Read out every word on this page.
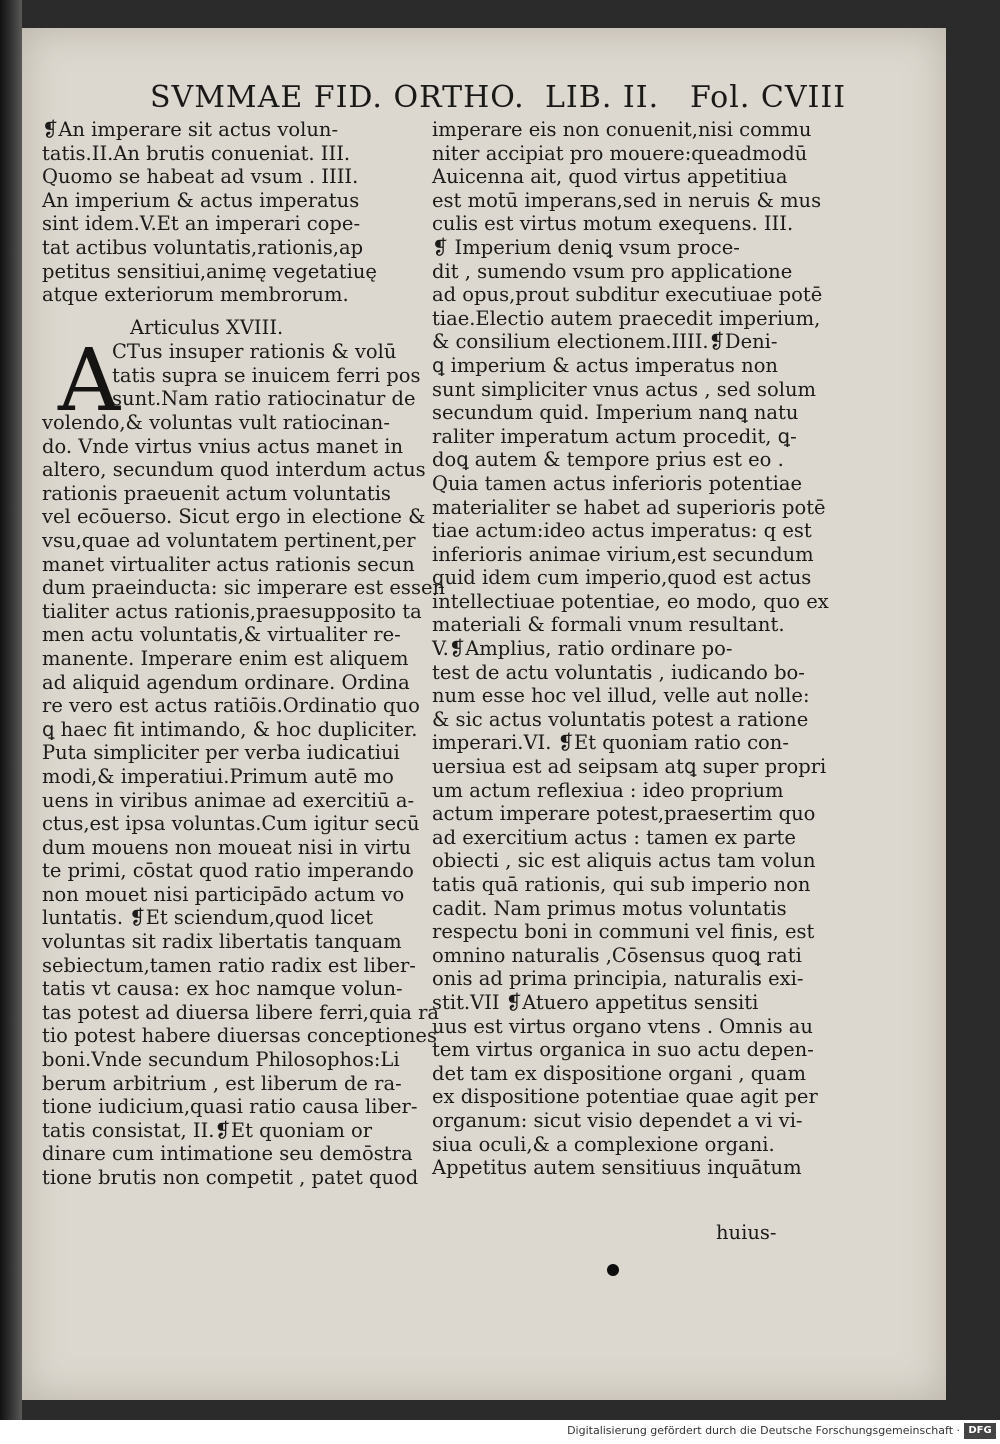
SVMMAE FID. ORTHO. LIB. II. Fol. CVIII
❡An imperare sit actus volun-
tatis.II.An brutis conueniat. III.
Quomo se habeat ad vsum . IIII.
An imperium & actus imperatus
sint idem.V.Et an imperari cope-
tat actibus voluntatis,rationis,ap
petitus sensitiui,animę vegetatiuę
atque exteriorum membrorum.
Articulus XVIII.
A
CTus insuper rationis & volū
tatis supra se inuicem ferri pos
sunt.Nam ratio ratiocinatur de
volendo,& voluntas vult ratiocinan-
do. Vnde virtus vnius actus manet in
altero, secundum quod interdum actus
rationis praeuenit actum voluntatis
vel ecōuerso. Sicut ergo in electione &
vsu,quae ad voluntatem pertinent,per
manet virtualiter actus rationis secun
dum praeinducta: sic imperare est essen
tialiter actus rationis,praesupposito ta
men actu voluntatis,& virtualiter re-
manente. Imperare enim est aliquem
ad aliquid agendum ordinare. Ordina
re vero est actus ratiōis.Ordinatio quo
ꝗ haec fit intimando, & hoc dupliciter.
Puta simpliciter per verba iudicatiui
modi,& imperatiui.Primum autē mo
uens in viribus animae ad exercitiū a-
ctus,est ipsa voluntas.Cum igitur secū
dum mouens non moueat nisi in virtu
te primi, cōstat quod ratio imperando
non mouet nisi participādo actum vo
luntatis. ❡Et sciendum,quod licet
voluntas sit radix libertatis tanquam
sebiectum,tamen ratio radix est liber-
tatis vt causa: ex hoc namque volun-
tas potest ad diuersa libere ferri,quia ra
tio potest habere diuersas conceptiones
boni.Vnde secundum Philosophos:Li
berum arbitrium , est liberum de ra-
tione iudicium,quasi ratio causa liber-
tatis consistat, II.❡Et quoniam or
dinare cum intimatione seu demōstra
tione brutis non competit , patet quod
imperare eis non conuenit,nisi commu
niter accipiat pro mouere:queadmodū
Auicenna ait, quod virtus appetitiua
est motū imperans,sed in neruis & mus
culis est virtus motum exequens. III.
❡ Imperium deniꝗ vsum proce-
dit , sumendo vsum pro applicatione
ad opus,prout subditur executiuae potē
tiae.Electio autem praecedit imperium,
& consilium electionem.IIII.❡Deni-
ꝗ imperium & actus imperatus non
sunt simpliciter vnus actus , sed solum
secundum quid. Imperium nanꝗ natu
raliter imperatum actum procedit, ꝗ-
doꝗ autem & tempore prius est eo .
Quia tamen actus inferioris potentiae
materialiter se habet ad superioris potē
tiae actum:ideo actus imperatus: q est
inferioris animae virium,est secundum
quid idem cum imperio,quod est actus
intellectiuae potentiae, eo modo, quo ex
materiali & formali vnum resultant.
V.❡Amplius, ratio ordinare po-
test de actu voluntatis , iudicando bo-
num esse hoc vel illud, velle aut nolle:
& sic actus voluntatis potest a ratione
imperari.VI. ❡Et quoniam ratio con-
uersiua est ad seipsam atꝗ super propri
um actum reflexiua : ideo proprium
actum imperare potest,praesertim quo
ad exercitium actus : tamen ex parte
obiecti , sic est aliquis actus tam volun
tatis quā rationis, qui sub imperio non
cadit. Nam primus motus voluntatis
respectu boni in communi vel finis, est
omnino naturalis ,Cōsensus quoꝗ rati
onis ad prima principia, naturalis exi-
stit.VII ❡Atuero appetitus sensiti
uus est virtus organo vtens . Omnis au
tem virtus organica in suo actu depen-
det tam ex dispositione organi , quam
ex dispositione potentiae quae agit per
organum: sicut visio dependet a vi vi-
siua oculi,& a complexione organi.
Appetitus autem sensitiuus inquātum
huius-
Digitalisierung gefördert durch die Deutsche Forschungsgemeinschaft · DFG
